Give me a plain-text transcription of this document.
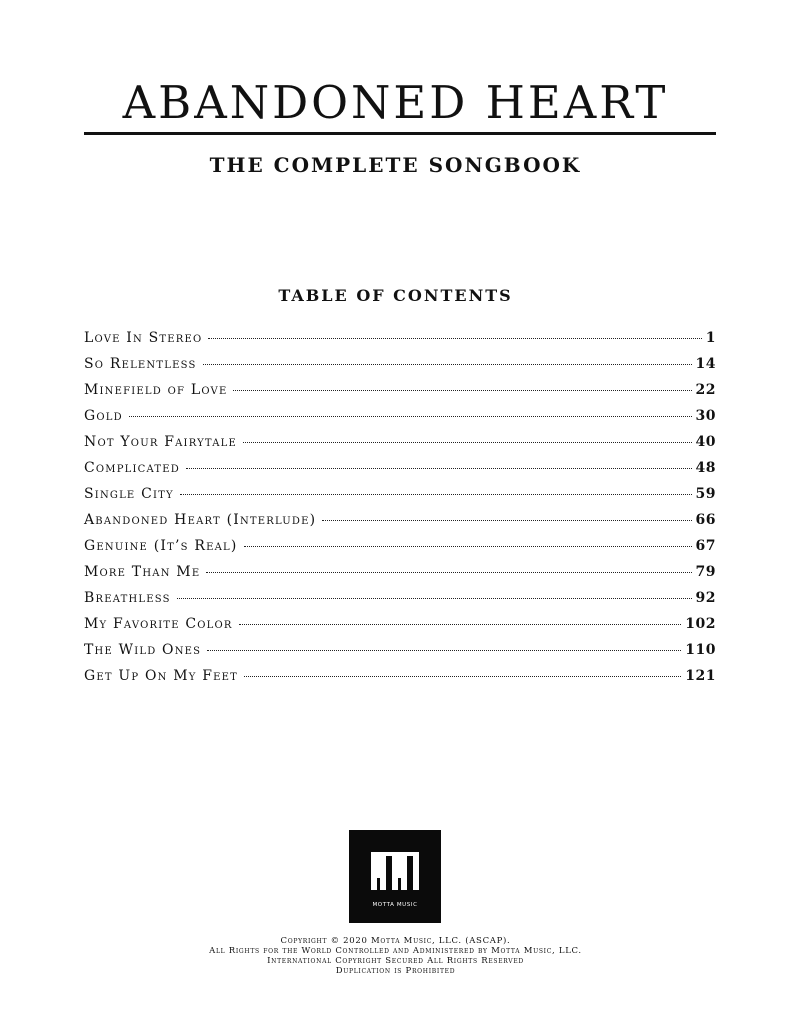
ABANDONED HEART
THE COMPLETE SONGBOOK
TABLE OF CONTENTS
Love In Stereo	1
So Relentless	14
Minefield of Love	22
Gold	30
Not Your Fairytale	40
Complicated	48
Single City	59
Abandoned Heart (Interlude)	66
Genuine (It’s Real)	67
More Than Me	79
Breathless	92
My Favorite Color	102
The Wild Ones	110
Get Up On My Feet	121
MOTTA MUSIC
Copyright © 2020 Motta Music, LLC. (ASCAP).
All Rights for the World Controlled and Administered by Motta Music, LLC.
International Copyright Secured All Rights Reserved
Duplication is Prohibited
